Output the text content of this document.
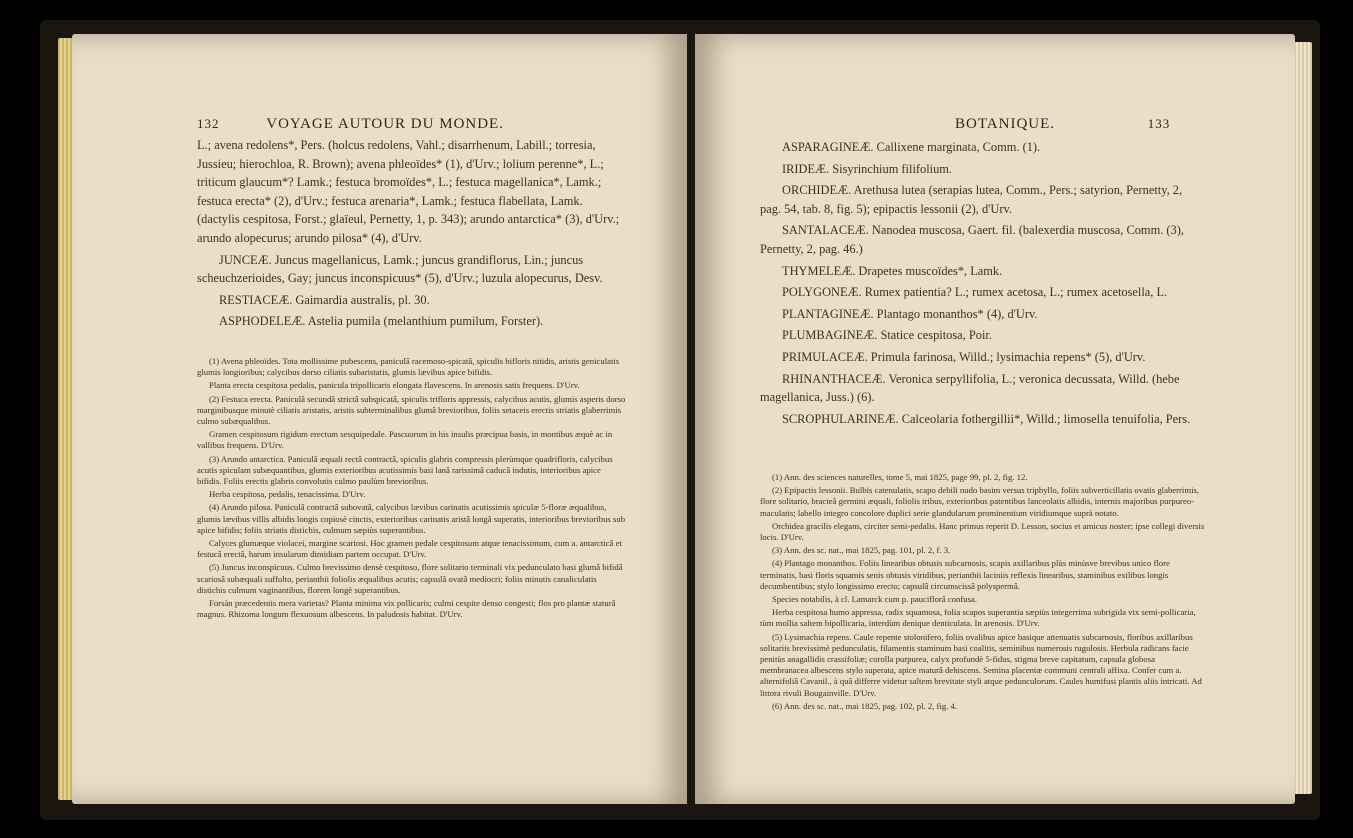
132	VOYAGE AUTOUR DU MONDE.

L.; avena redolens*, Pers. (holcus redolens, Vahl.; disarrhenum, Labill.; torresia, Jussieu; hierochloa, R. Brown); avena phleoïdes* (1), d'Urv.; lolium perenne*, L.; triticum glaucum*? Lamk.; festuca bromoïdes*, L.; festuca magellanica*, Lamk.; festuca erecta* (2), d'Urv.; festuca arenaria*, Lamk.; festuca flabellata, Lamk. (dactylis cespitosa, Forst.; glaïeul, Pernetty, 1, p. 343); arundo antarctica* (3), d'Urv.; arundo alopecurus; arundo pilosa* (4), d'Urv.

JUNCEÆ. Juncus magellanicus, Lamk.; juncus grandiflorus, Lin.; juncus scheuchzerioides, Gay; juncus inconspicuus* (5), d'Urv.; luzula alopecurus, Desv.

RESTIACEÆ. Gaimardia australis, pl. 30.

ASPHODELEÆ. Astelia pumila (melanthium pumilum, Forster).

(1) Avena phleoïdes. Tota mollissime pubescens, paniculâ racemoso-spicatâ, spiculis bifloris nitidis, aristis geniculatis glumis longioribus; calycibus dorso ciliatis subaristatis, glumis lævibus apice bifidis.

Planta erecta cespitosa pedalis, panicula tripollicaris elongata flavescens. In arenosis satis frequens. D'Urv.

(2) Festuca erecta. Paniculâ secundâ strictâ subspicatâ, spiculis trifloris appressis, calycibus acutis, glumis asperis dorso marginibusque minutè ciliatis aristatis, aristis subterminalibus glumâ brevioribus, foliis setaceis erectis striatis glaberrimis culmo subæqualibus.

Gramen cespitosum rigidum erectum sesquipedale. Pascuorum in his insulis præcipua basis, in montibus æquè ac in vallibus frequens. D'Urv.

(3) Arundo antarctica. Paniculâ æquali rectâ contractâ, spiculis glabris compressis plerùmque quadrifloris, calycibus acutis spiculam subæquantibus, glumis exterioribus acutissimis basi lanâ rarissimâ caducâ indutis, interioribus apice bifidis. Foliis erectis glabris convolutis culmo paulùm brevioribus.

Herba cespitosa, pedalis, tenacissima. D'Urv.

(4) Arundo pilosa. Paniculâ contractâ subovatâ, calycibus lævibus carinatis acutissimis spiculæ 5-floræ æqualibus, glumis lævibus villis albidis longis copiosè cinctis, exterioribus carinatis aristâ longâ superatis, interioribus brevioribus sub apice bifidis; foliis striatis distichis, culmum sæpiùs superantibus.

Calyces glumæque violacei, margine scariosi. Hoc gramen pedale cespitosum atque tenacissimum, cum a. antarcticâ et festucâ erectâ, harum insularum dimidiam partem occupat. D'Urv.

(5) Juncus inconspicuus. Culmo brevissimo densè cespitoso, flore solitario terminali vix pedunculato basi glumâ bifidâ scariosâ subæquali suffulto, perianthii foliolis æqualibus acutis; capsulâ ovatâ mediocri; foliis minutis canaliculatis distichis culmum vaginantibus, florem longè superantibus.

Forsàn præcedentis mera varietas? Planta minima vix pollicaris; culmi cespite denso congesti; flos pro plantæ staturâ magnus. Rhizoma longum flexuosum albescens. In paludosis habitat. D'Urv.

BOTANIQUE.	133

ASPARAGINEÆ. Callixene marginata, Comm. (1).

IRIDEÆ. Sisyrinchium filifolium.

ORCHIDEÆ. Arethusa lutea (serapias lutea, Comm., Pers.; satyrion, Pernetty, 2, pag. 54, tab. 8, fig. 5); epipactis lessonii (2), d'Urv.

SANTALACEÆ. Nanodea muscosa, Gaert. fil. (balexerdia muscosa, Comm. (3), Pernetty, 2, pag. 46.)

THYMELEÆ. Drapetes muscoïdes*, Lamk.

POLYGONEÆ. Rumex patientia? L.; rumex acetosa, L.; rumex acetosella, L.

PLANTAGINEÆ. Plantago monanthos* (4), d'Urv.

PLUMBAGINEÆ. Statice cespitosa, Poir.

PRIMULACEÆ. Primula farinosa, Willd.; lysimachia repens* (5), d'Urv.

RHINANTHACEÆ. Veronica serpyllifolia, L.; veronica decussata, Willd. (hebe magellanica, Juss.) (6).

SCROPHULARINEÆ. Calceolaria fothergillii*, Willd.; limosella tenuifolia, Pers.

(1) Ann. des sciences naturelles, tome 5, mai 1825, page 99, pl. 2, fig. 12.

(2) Epipactis lessonii. Bulbis catenulatis, scapo debili nudo basim versus triphyllo, foliis subverticillatis ovatis glaberrimis, flore solitario, bracteâ germini æquali, foliolis tribus, exterioribus patentibus lanceolatis albidis, internis majoribus purpureo-maculatis; labello integro concolore duplici serie glandularum prominentium viridiumque suprà notato.

Orchidea gracilis elegans, circiter semi-pedalis. Hanc primus reperit D. Lesson, socius et amicus noster; ipse collegi diversis locis. D'Urv.

(3) Ann. des sc. nat., mai 1825, pag. 101, pl. 2, f. 3.

(4) Plantago monanthos. Foliis linearibus obtusis subcarnosis, scapis axillaribus plùs minùsve brevibus unico flore terminatis, basi floris squamis senis obtusis viridibus, perianthii laciniis reflexis linearibus, staminibus exilibus longis decumbentibus; stylo longissimo erecto; capsulâ circumscissâ polyspermâ.

Species notabilis, à cl. Lamarck cum p. pauciflorâ confusa.

Herba cespitosa humo appressa, radix squamosa, folia scapos superantia sæpiùs integerrima subrigida vix semi-pollicaria, tùm mollia saltem bipollicaria, interdùm denique denticulata. In arenosis. D'Urv.

(5) Lysimachia repens. Caule repente stolonifero, foliis ovalibus apice basique attenuatis subcarnosis, floribus axillaribus solitariis brevissimè pedunculatis, filamentis staminum basi coalitis, seminibus numerosis rugulosis. Herbula radicans facie penitùs anagallidis crassifoliæ; corolla purpurea, calyx profundè 5-fidus, stigma breve capitatum, capsula globosa membranacea albescens stylo superata, apice maturâ dehiscens. Semina placentæ communi centrali affixa. Confer cum a. alternifoliâ Cavanil., à quâ differre videtur saltem brevitate styli atque pedunculorum. Caules humifusi plantis aliis intricati. Ad littora rivuli Bougainville. D'Urv.

(6) Ann. des sc. nat., mai 1825, pag. 102, pl. 2, fig. 4.
